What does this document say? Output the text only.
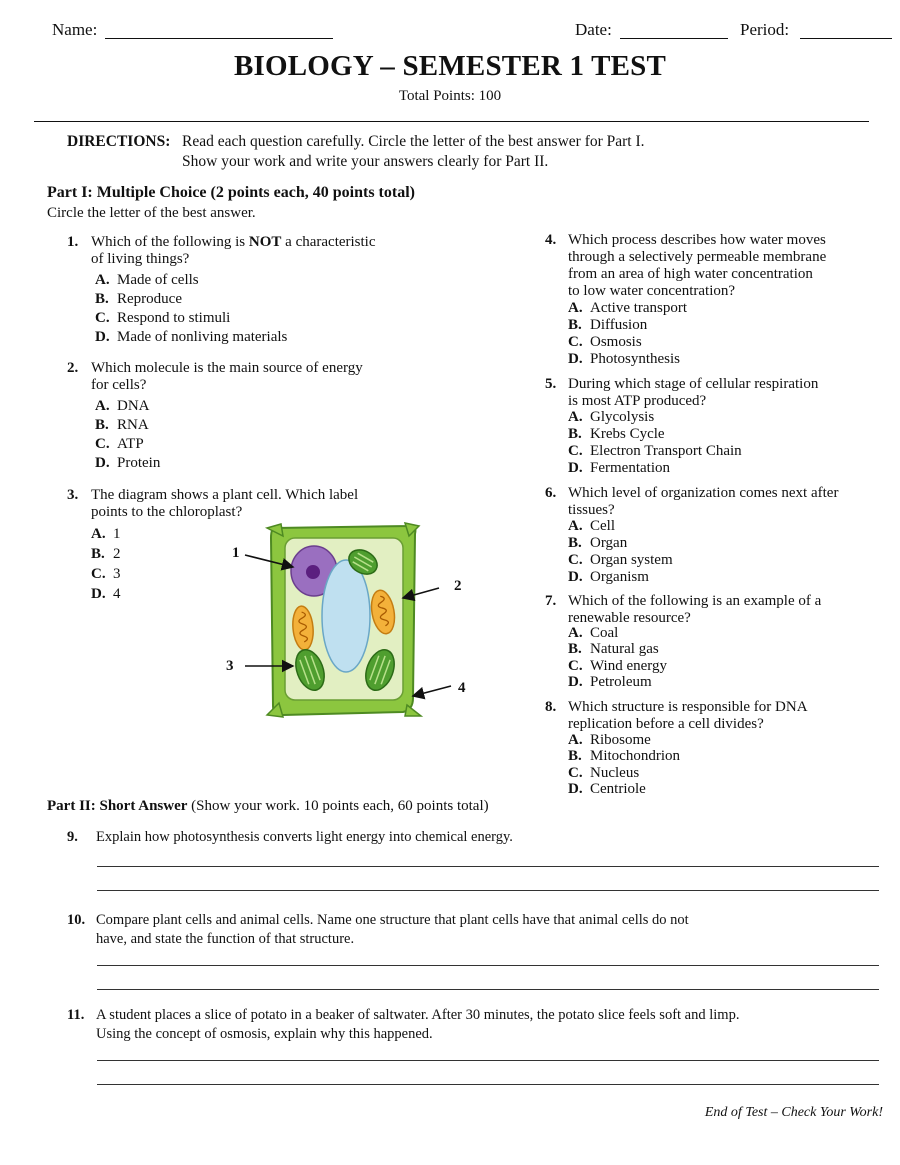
Name:	Date:	Period:
BIOLOGY – SEMESTER 1 TEST
Total Points: 100
DIRECTIONS: Read each question carefully. Circle the letter of the best answer for Part I.
Show your work and write your answers clearly for Part II.
Part I: Multiple Choice (2 points each, 40 points total)
Circle the letter of the best answer.
1. Which of the following is NOT a characteristic
of living things?
A. Made of cells
B. Reproduce
C. Respond to stimuli
D. Made of nonliving materials
2. Which molecule is the main source of energy
for cells?
A. DNA
B. RNA
C. ATP
D. Protein
3. The diagram shows a plant cell. Which label
points to the chloroplast?
A. 1
B. 2
C. 3
D. 4
1
2
3
4
4. Which process describes how water moves
through a selectively permeable membrane
from an area of high water concentration
to low water concentration?
A. Active transport
B. Diffusion
C. Osmosis
D. Photosynthesis
5. During which stage of cellular respiration
is most ATP produced?
A. Glycolysis
B. Krebs Cycle
C. Electron Transport Chain
D. Fermentation
6. Which level of organization comes next after
tissues?
A. Cell
B. Organ
C. Organ system
D. Organism
7. Which of the following is an example of a
renewable resource?
A. Coal
B. Natural gas
C. Wind energy
D. Petroleum
8. Which structure is responsible for DNA
replication before a cell divides?
A. Ribosome
B. Mitochondrion
C. Nucleus
D. Centriole
Part II: Short Answer (Show your work. 10 points each, 60 points total)
9. Explain how photosynthesis converts light energy into chemical energy.
10. Compare plant cells and animal cells. Name one structure that plant cells have that animal cells do not
have, and state the function of that structure.
11. A student places a slice of potato in a beaker of saltwater. After 30 minutes, the potato slice feels soft and limp.
Using the concept of osmosis, explain why this happened.
End of Test – Check Your Work!
